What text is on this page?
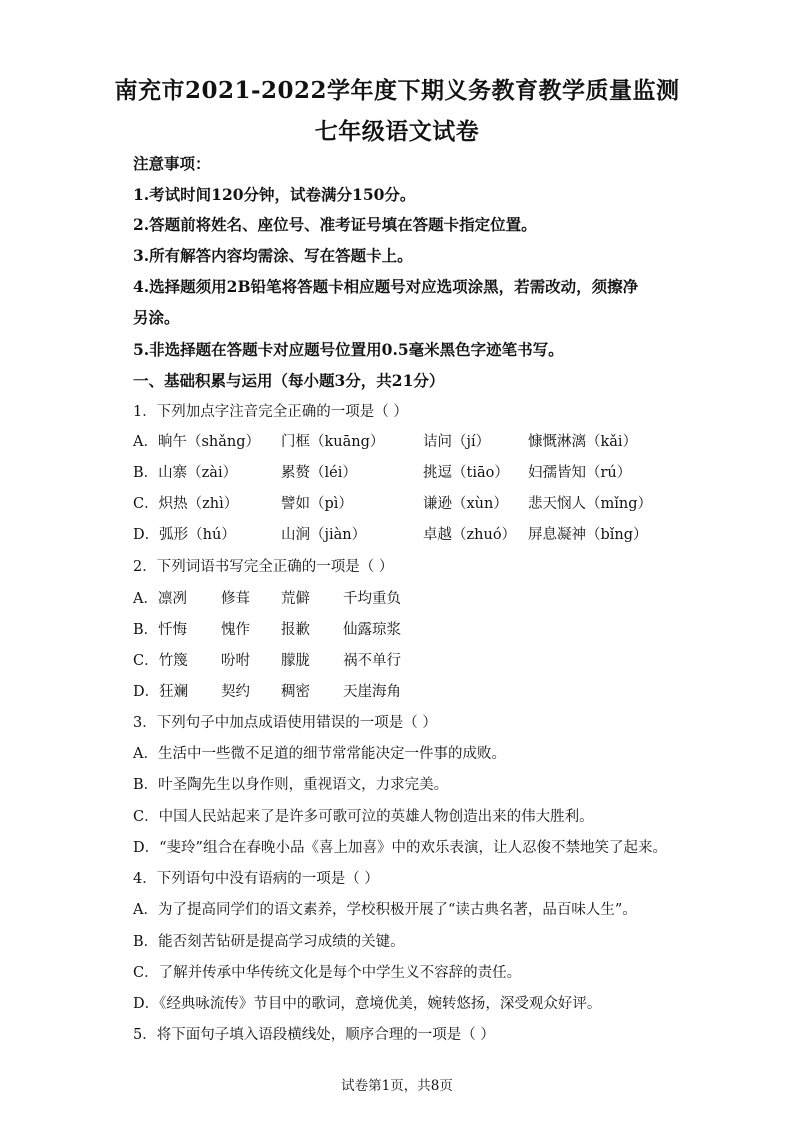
南充市2021-2022学年度下期义务教育教学质量监测
七年级语文试卷
注意事项：
1.考试时间120分钟，试卷满分150分。
2.答题前将姓名、座位号、准考证号填在答题卡指定位置。
3.所有解答内容均需涂、写在答题卡上。
4.选择题须用2B铅笔将答题卡相应题号对应选项涂黑，若需改动，须擦净
另涂。
5.非选择题在答题卡对应题号位置用0.5毫米黑色字迹笔书写。
一、基础积累与运用（每小题3分，共21分）
1．下列加点字注音完全正确的一项是（ ）
A．晌午（shǎng） 门框（kuāng）	诘问（jí）	慷慨淋漓（kǎi）
B．山寨（zài）	累赘（léi）	挑逗（tiāo） 妇孺皆知（rú）
C．炽热（zhì）	譬如（pì）	谦逊（xùn） 悲天悯人（mǐng）
D．弧形（hú）	山涧（jiàn）	卓越（zhuó） 屏息凝神（bǐng）
2．下列词语书写完全正确的一项是（ ）
A．凛冽 修葺 荒僻 千均重负
B．忏悔 愧作 报歉 仙露琼浆
C．竹篾 吩咐 朦胧 祸不单行
D．狂斓 契约 稠密 天崖海角
3．下列句子中加点成语使用错误的一项是（ ）
A．生活中一些微不足道的细节常常能决定一件事的成败。
B．叶圣陶先生以身作则，重视语文，力求完美。
C．中国人民站起来了是许多可歌可泣的英雄人物创造出来的伟大胜利。
D．“斐玲”组合在春晚小品《喜上加喜》中的欢乐表演，让人忍俊不禁地笑了起来。
4．下列语句中没有语病的一项是（ ）
A．为了提高同学们的语文素养，学校积极开展了“读古典名著，品百味人生”。
B．能否刻苦钻研是提高学习成绩的关键。
C．了解并传承中华传统文化是每个中学生义不容辞的责任。
D．《经典咏流传》节目中的歌词，意境优美，婉转悠扬，深受观众好评。
5．将下面句子填入语段横线处，顺序合理的一项是（ ）
试卷第1页，共8页
